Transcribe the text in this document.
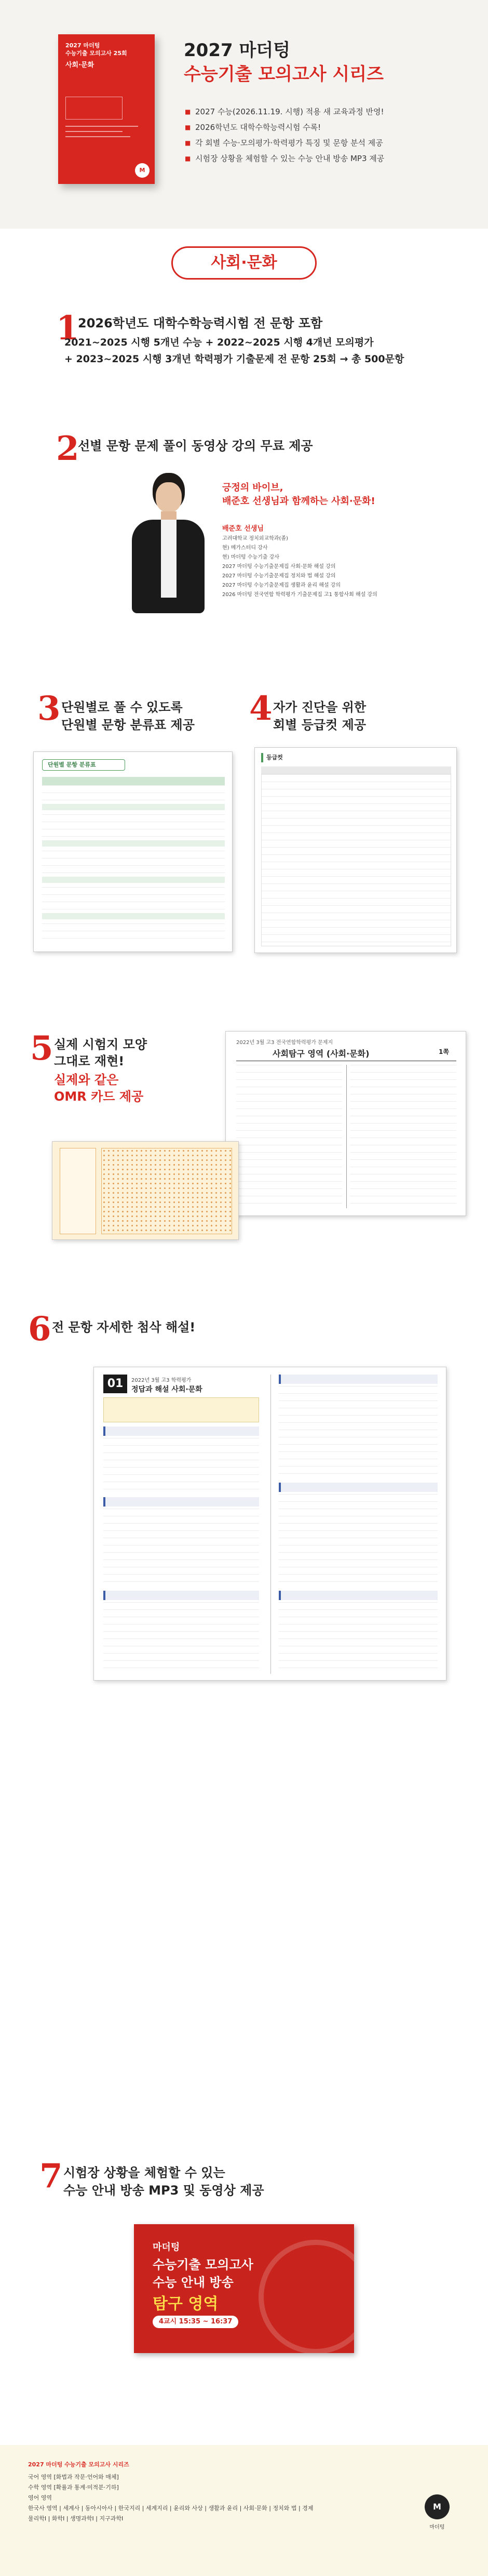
2027 마더텅
수능기출 모의고사 25회
사회·문화
M
2027 마더텅
수능기출 모의고사 시리즈
■ 2027 수능(2026.11.19. 시행) 적용 새 교육과정 반영!
■ 2026학년도 대학수학능력시험 수록!
■ 각 회별 수능·모의평가·학력평가 특징 및 문항 분석 제공
■ 시험장 상황을 체험할 수 있는 수능 안내 방송 MP3 제공
사회·문화
1
2026학년도 대학수학능력시험 전 문항 포함
2021~2025 시행 5개년 수능 + 2022~2025 시행 4개년 모의평가
+ 2023~2025 시행 3개년 학력평가 기출문제 전 문항 25회 → 총 500문항
2
선별 문항 문제 풀이 동영상 강의 무료 제공
긍정의 바이브,
배준호 선생님과 함께하는 사회·문화!
배준호 선생님
고려대학교 정치외교학과(졸)
현) 메가스터디 강사
현) 마더텅 수능기출 강사
2027 마더텅 수능기출문제집 사회·문화 해설 강의
2027 마더텅 수능기출문제집 정치와 법 해설 강의
2027 마더텅 수능기출문제집 생활과 윤리 해설 강의
2026 마더텅 전국연합 학력평가 기출문제집 고1 통합사회 해설 강의
3 단원별로 풀 수 있도록
단원별 문항 분류표 제공
단원별 문항 분류표
4 자가 진단을 위한
회별 등급컷 제공
등급컷
5 실제 시험지 모양
그대로 재현!
실제와 같은
OMR 카드 제공
2022년 3월 고3 전국연합학력평가 문제지
사회탐구 영역 (사회·문화)	1쪽
6 전 문항 자세한 첨삭 해설!
01	2022년 3월 고3 학력평가
정답과 해설 사회·문화
7 시험장 상황을 체험할 수 있는
수능 안내 방송 MP3 및 동영상 제공
마더텅
수능기출 모의고사
수능 안내 방송
탐구 영역
4교시 15:35 ~ 16:37
2027 마더텅 수능기출 모의고사 시리즈
국어 영역 [화법과 작문·언어와 매체]
수학 영역 [확률과 통계·미적분·기하]
영어 영역
한국사 영역 | 세계사 | 동아시아사 | 한국지리 | 세계지리 | 윤리와 사상 | 생활과 윤리 | 사회·문화 | 정치와 법 | 경제
물리학Ⅰ | 화학Ⅰ | 생명과학Ⅰ | 지구과학Ⅰ
M
마더텅
